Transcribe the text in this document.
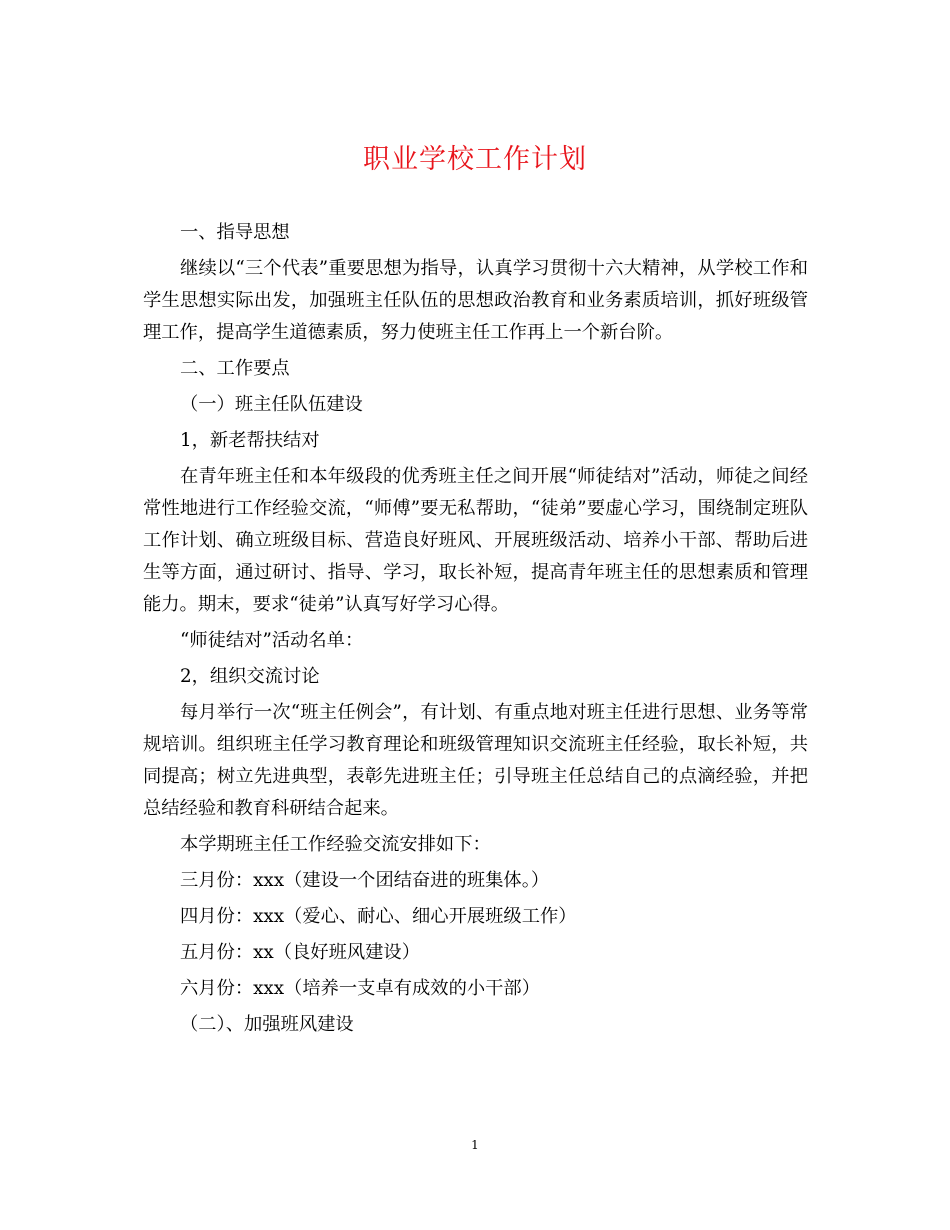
职业学校工作计划

一、指导思想

继续以“三个代表”重要思想为指导，认真学习贯彻十六大精神，从学校工作和学生思想实际出发，加强班主任队伍的思想政治教育和业务素质培训，抓好班级管理工作，提高学生道德素质，努力使班主任工作再上一个新台阶。

二、工作要点

（一）班主任队伍建设

1，新老帮扶结对

在青年班主任和本年级段的优秀班主任之间开展“师徒结对”活动，师徒之间经常性地进行工作经验交流，“师傅”要无私帮助，“徒弟”要虚心学习，围绕制定班队工作计划、确立班级目标、营造良好班风、开展班级活动、培养小干部、帮助后进生等方面，通过研讨、指导、学习，取长补短，提高青年班主任的思想素质和管理能力。期末，要求“徒弟”认真写好学习心得。

“师徒结对”活动名单：

2，组织交流讨论

每月举行一次“班主任例会”，有计划、有重点地对班主任进行思想、业务等常规培训。组织班主任学习教育理论和班级管理知识交流班主任经验，取长补短，共同提高；树立先进典型，表彰先进班主任；引导班主任总结自己的点滴经验，并把总结经验和教育科研结合起来。

本学期班主任工作经验交流安排如下：

三月份：xxx（建设一个团结奋进的班集体。）

四月份：xxx（爱心、耐心、细心开展班级工作）

五月份：xx（良好班风建设）

六月份：xxx（培养一支卓有成效的小干部）

（二）、加强班风建设

1
